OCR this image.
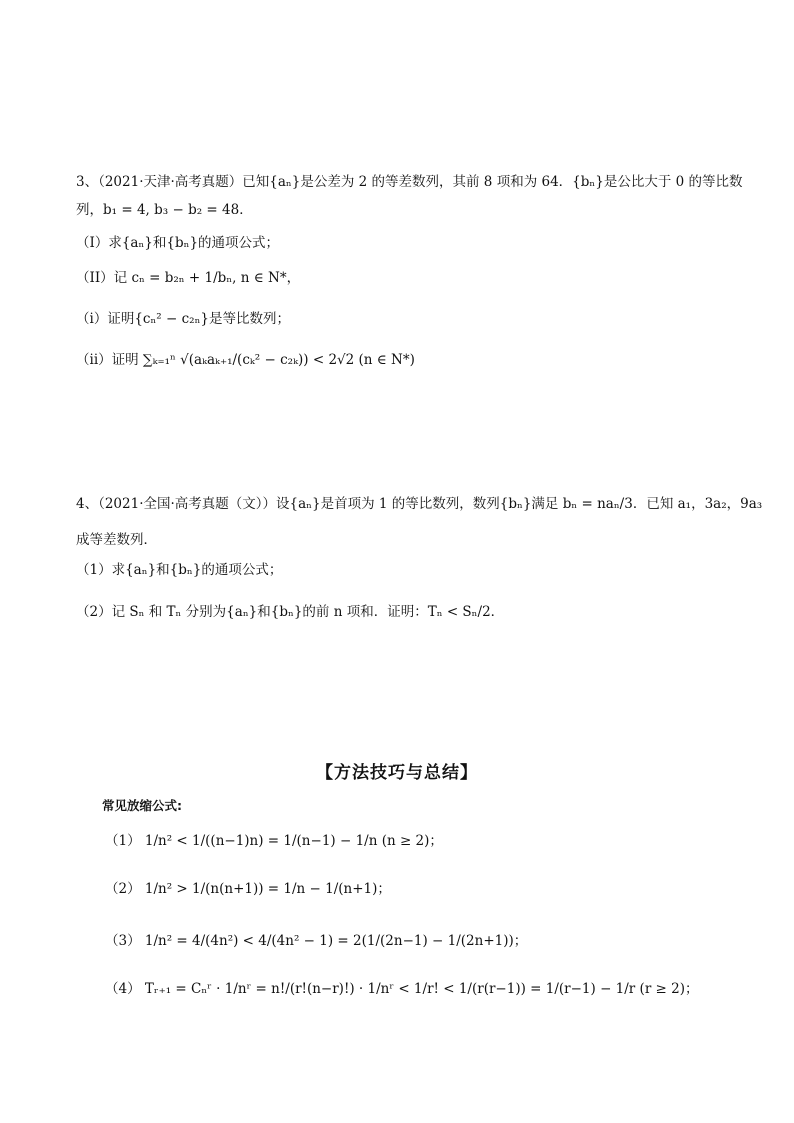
3、（2021·天津·高考真题）已知{aₙ}是公差为 2 的等差数列，其前 8 项和为 64．{bₙ}是公比大于 0 的等比数
列，b₁ = 4, b₃ − b₂ = 48．
（I）求{aₙ}和{bₙ}的通项公式；
（II）记 cₙ = b₂ₙ + 1/bₙ, n ∈ N*，
（i）证明{cₙ² − c₂ₙ}是等比数列；
（ii）证明 ∑ₖ₌₁ⁿ √(aₖaₖ₊₁/(cₖ² − c₂ₖ)) < 2√2 (n ∈ N*)
4、（2021·全国·高考真题（文））设{aₙ}是首项为 1 的等比数列，数列{bₙ}满足 bₙ = naₙ/3．已知 a₁，3a₂，9a₃
成等差数列．
（1）求{aₙ}和{bₙ}的通项公式；
（2）记 Sₙ 和 Tₙ 分别为{aₙ}和{bₙ}的前 n 项和．证明：Tₙ < Sₙ/2．
【方法技巧与总结】
常见放缩公式:
（1） 1/n² < 1/((n−1)n) = 1/(n−1) − 1/n (n ≥ 2)；
（2） 1/n² > 1/(n(n+1)) = 1/n − 1/(n+1)；
（3） 1/n² = 4/(4n²) < 4/(4n² − 1) = 2(1/(2n−1) − 1/(2n+1))；
（4） Tᵣ₊₁ = Cₙʳ · 1/nʳ = n!/(r!(n−r)!) · 1/nʳ < 1/r! < 1/(r(r−1)) = 1/(r−1) − 1/r (r ≥ 2)；
